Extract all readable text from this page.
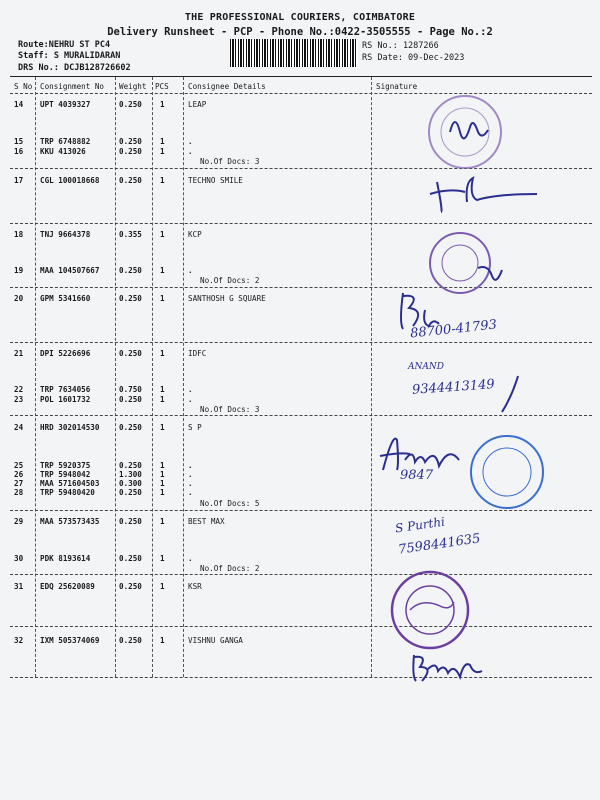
THE PROFESSIONAL COURIERS, COIMBATORE
Delivery Runsheet - PCP - Phone No.:0422-3505555 - Page No.:2
Route:NEHRU ST PC4
Staff: S MURALIDARAN
DRS No.: DCJB128726602
RS No.: 1287266
RS Date: 09-Dec-2023
S No Consignment No Weight PCS	Consignee Details	Signature
14 UPT 4039327	0.250 1	LEAP
15 TRP 6748882	0.250 1	.
16 KKU 413026	0.250 1	.
No.Of Docs: 3
17 CGL 100018668	0.250 1	TECHNO SMILE
18 TNJ 9664378	0.355 1	KCP
19 MAA 104507667	0.250 1	.
No.Of Docs: 2
20 GPM 5341660	0.250 1	SANTHOSH G SQUARE
21 DPI 5226696	0.250 1	IDFC
22 TRP 7634056	0.750 1	.
23 POL 1601732	0.250 1	.
No.Of Docs: 3
24 HRD 302014530	0.250 1	S P
25 TRP 5920375	0.250 1	.
26 TRP 5948042	1.300 1	.
27 MAA 571604503	0.300 1	.
28 TRP 59480420	0.250 1	.
No.Of Docs: 5
29 MAA 573573435	0.250 1	BEST MAX
30 PDK 8193614	0.250 1	.
No.Of Docs: 2
31 EDQ 25620089	0.250 1	KSR
32 IXM 505374069	0.250 1	VISHNU GANGA
88700-41793
ANAND
9344413149
9847
S Purthi
7598441635
